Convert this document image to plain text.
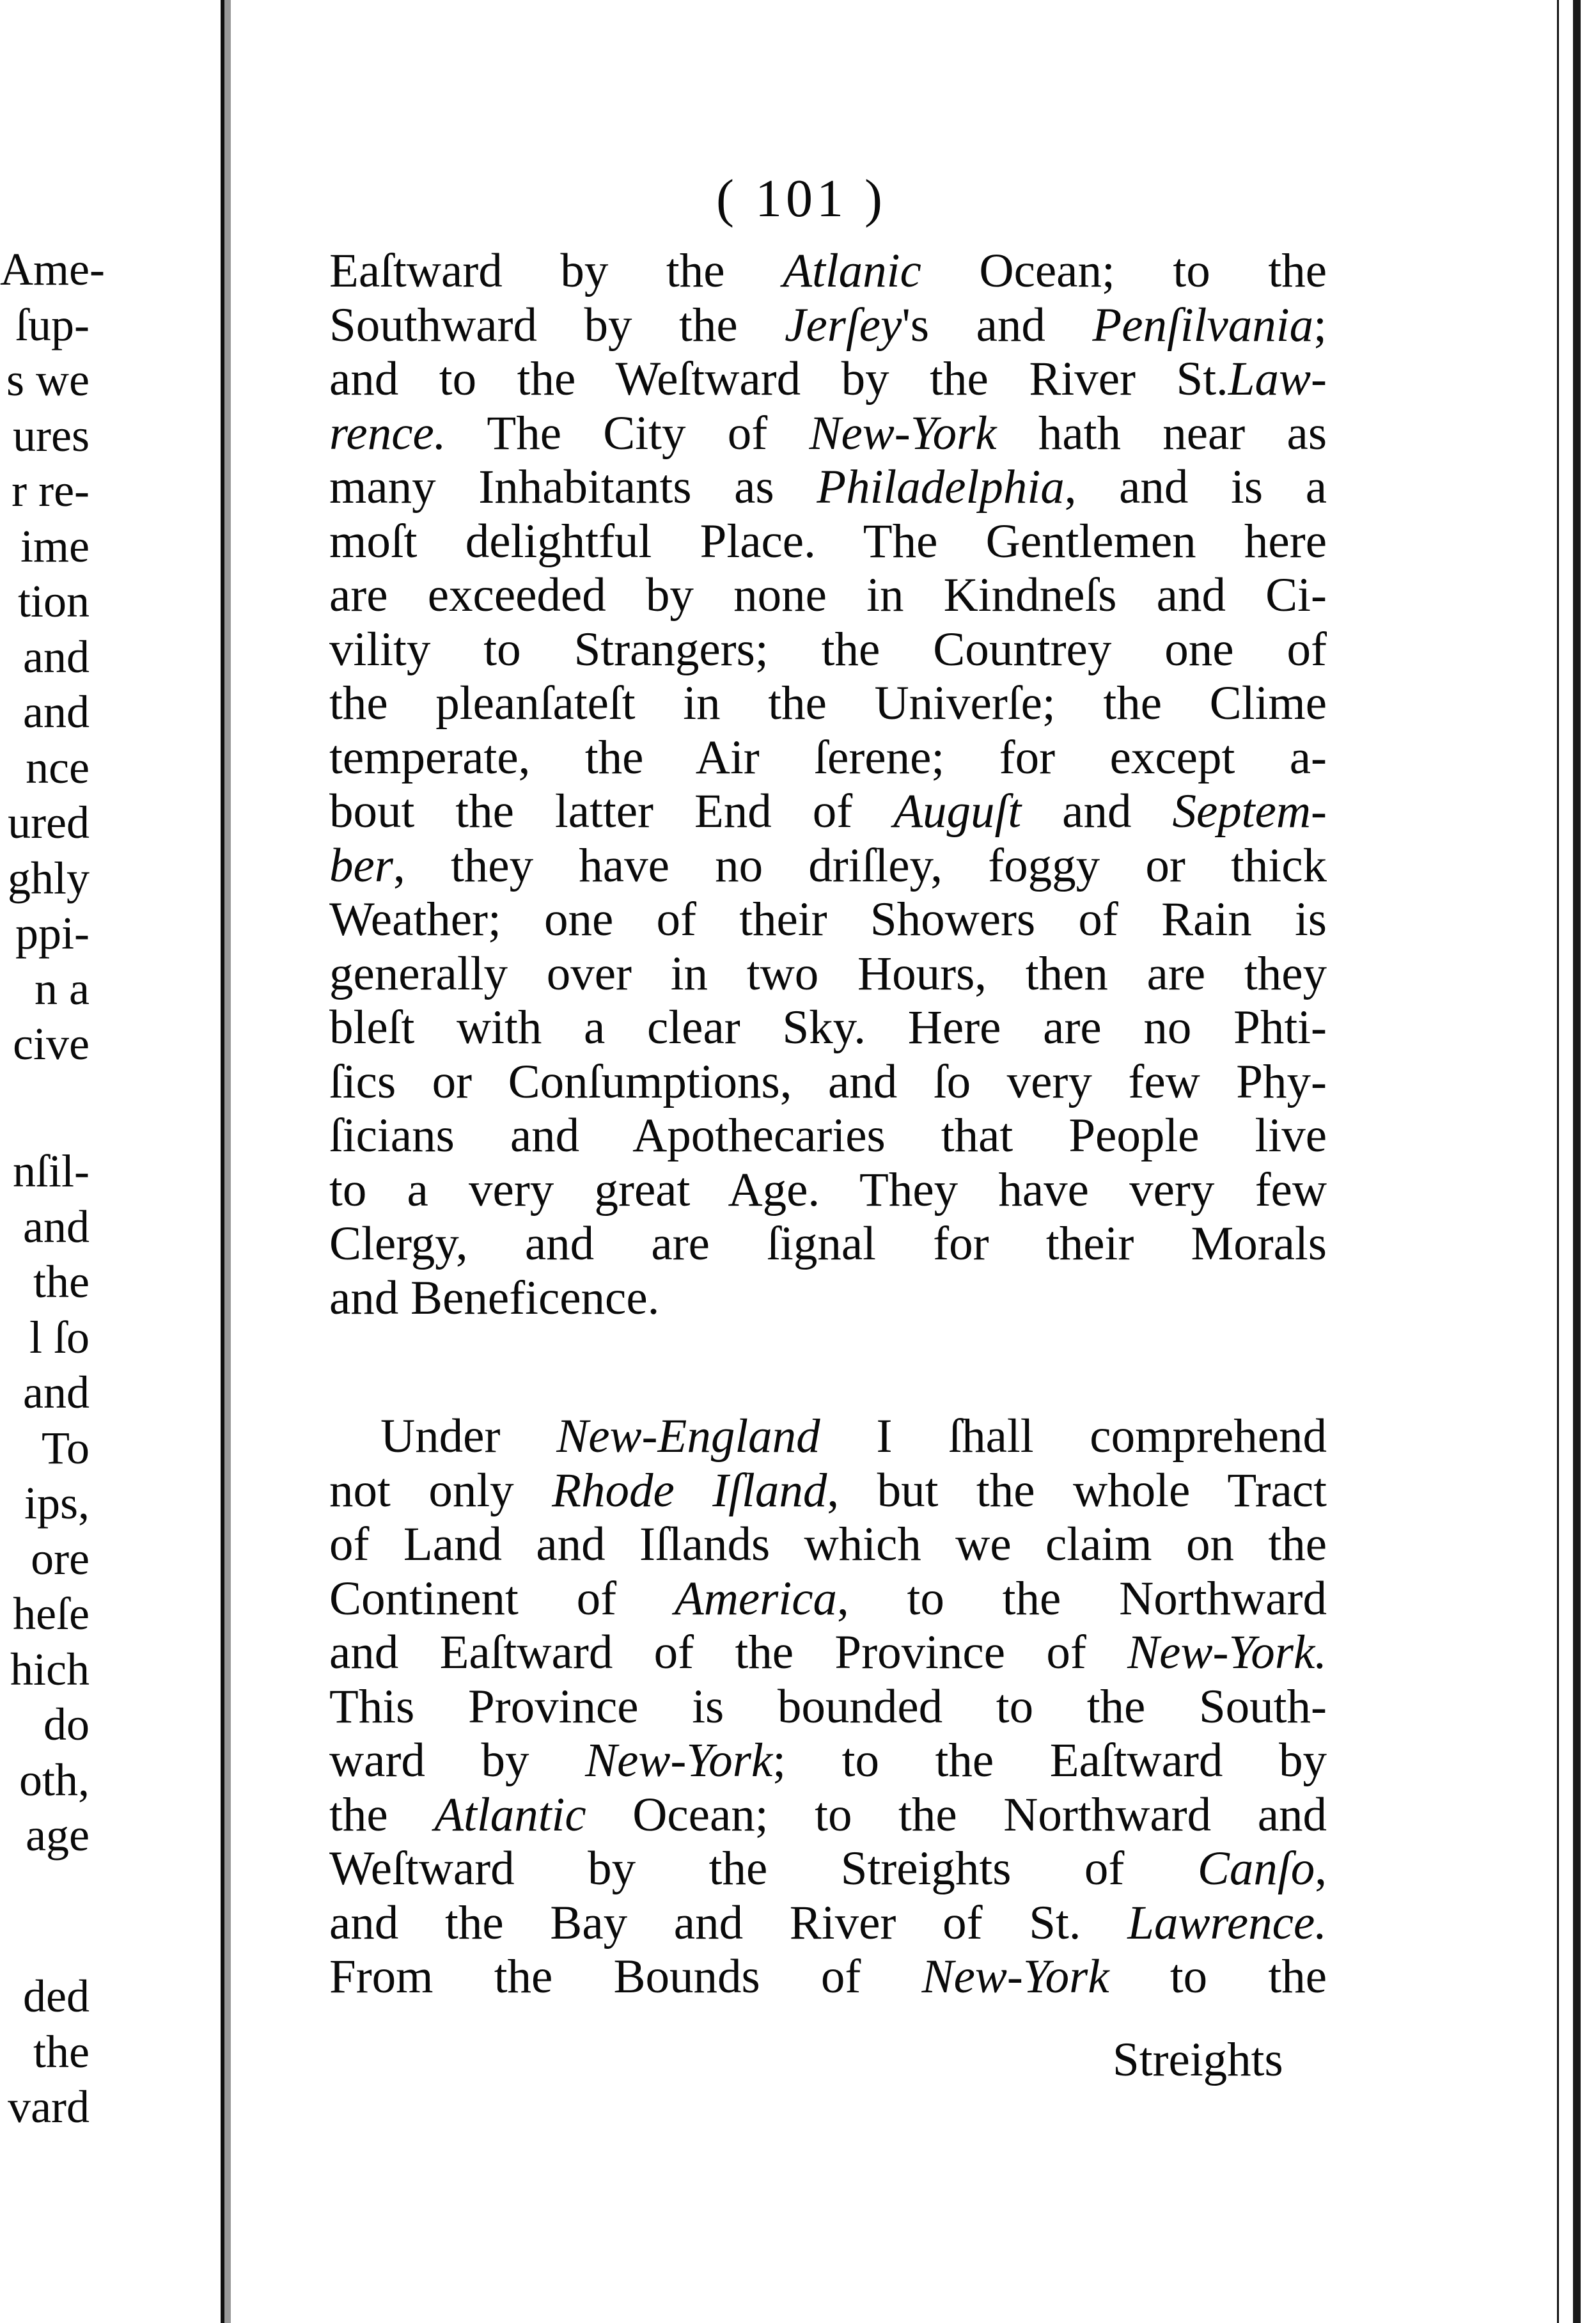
Ame-
ſup-
s we
ures
r re-
ime
tion
and
and
nce
ured
ghly
ppi-
n a
cive
nſil-
and
the
l ſo
and
To
ips,
ore
heſe
hich
do
oth,
age
ded
the
vard
( 101 )
Eaſtward by the Atlanic Ocean; to the
Southward by the Jerſey's and Penſilvania;
and to the Weſtward by the River St.Law-
rence. The City of New-York hath near as
many Inhabitants as Philadelphia, and is a
moſt delightful Place. The Gentlemen here
are exceeded by none in Kindneſs and Ci-
vility to Strangers; the Countrey one of
the pleanſateſt in the Univerſe; the Clime
temperate, the Air ſerene; for except a-
bout the latter End of Auguſt and Septem-
ber, they have no driſley, foggy or thick
Weather; one of their Showers of Rain is
generally over in two Hours, then are they
bleſt with a clear Sky. Here are no Phti-
ſics or Conſumptions, and ſo very few Phy-
ſicians and Apothecaries that People live
to a very great Age. They have very few
Clergy, and are ſignal for their Morals
and Beneficence.
Under New-England I ſhall comprehend
not only Rhode Iſland, but the whole Tract
of Land and Iſlands which we claim on the
Continent of America, to the Northward
and Eaſtward of the Province of New-York.
This Province is bounded to the South-
ward by New-York; to the Eaſtward by
the Atlantic Ocean; to the Northward and
Weſtward by the Streights of Canſo,
and the Bay and River of St. Lawrence.
From the Bounds of New-York to the
Streights
